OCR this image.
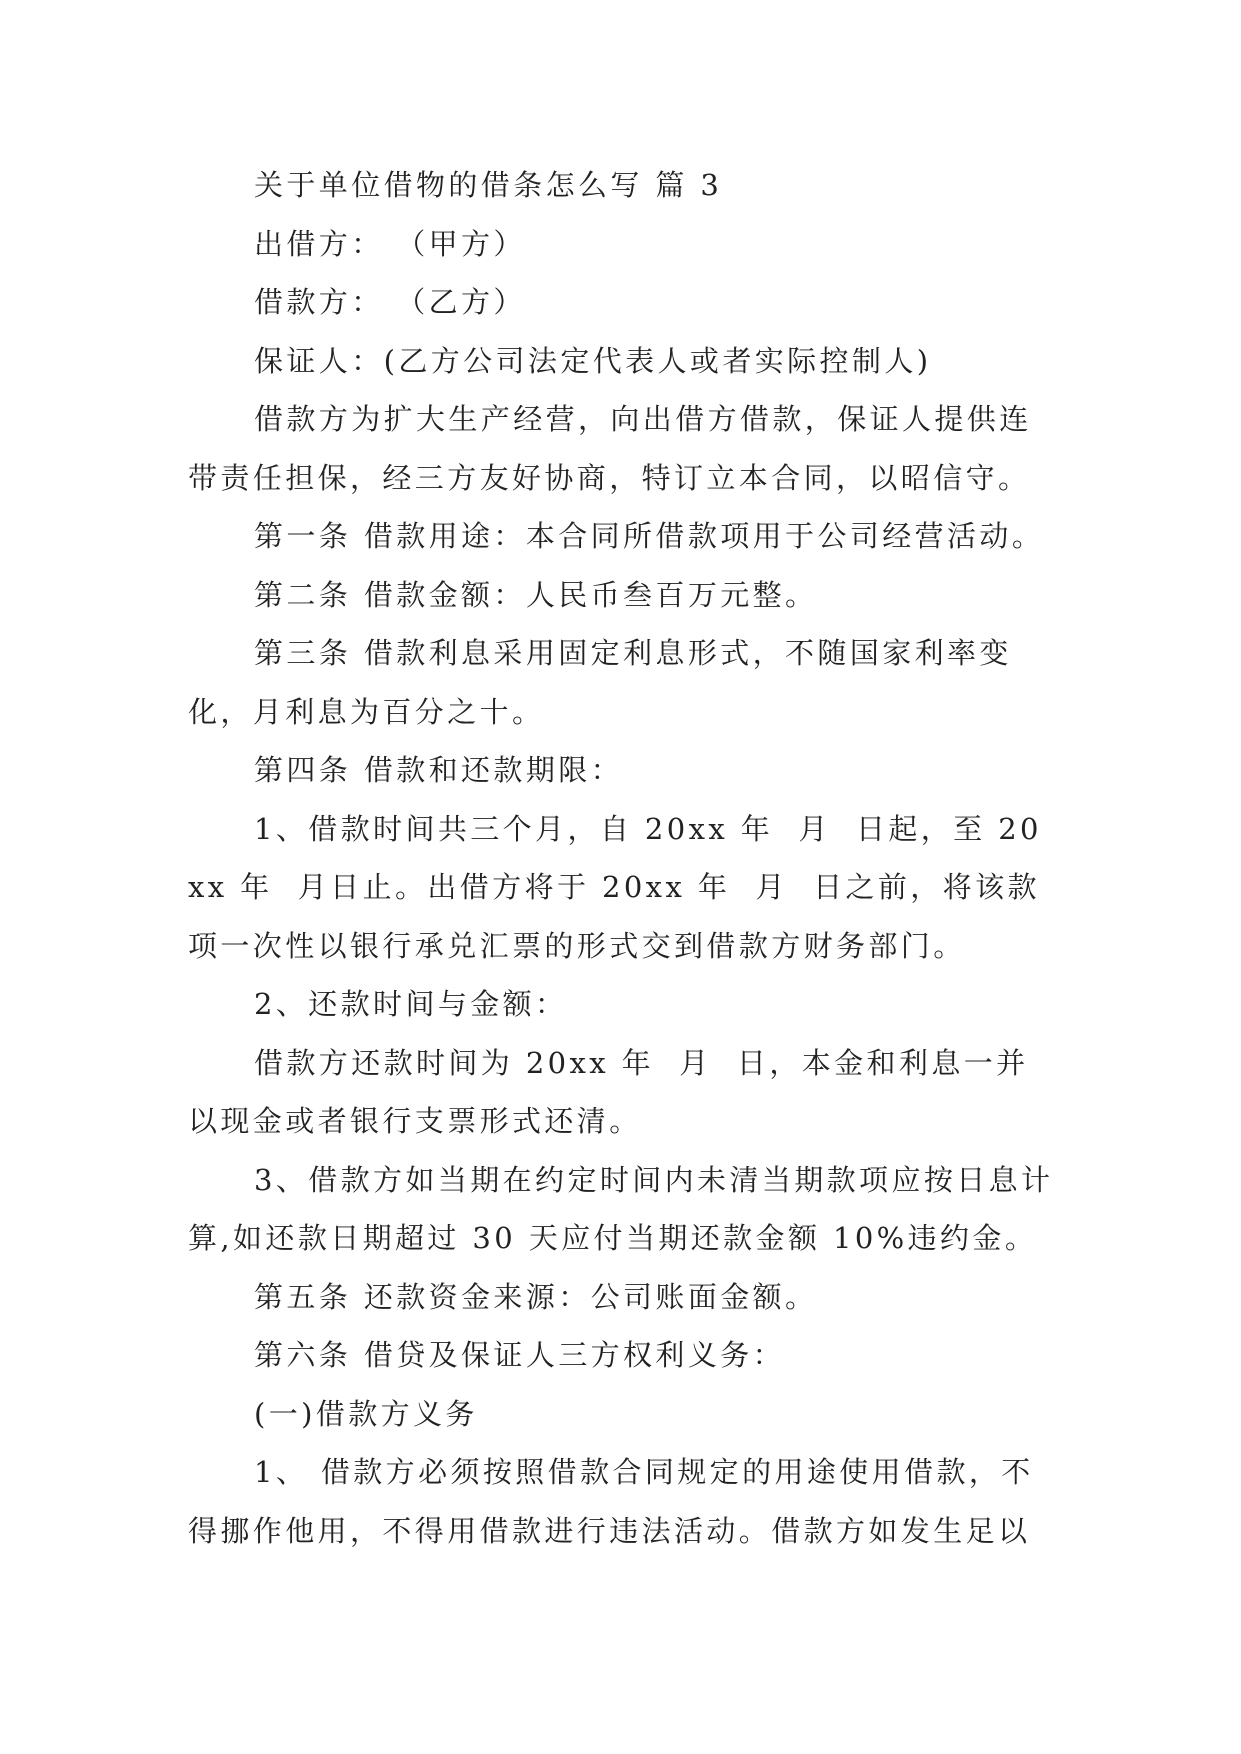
关于单位借物的借条怎么写 篇 3

出借方： （甲方）

借款方： （乙方）

保证人：(乙方公司法定代表人或者实际控制人)

借款方为扩大生产经营，向出借方借款，保证人提供连带责任担保，经三方友好协商，特订立本合同，以昭信守。

第一条 借款用途：本合同所借款项用于公司经营活动。

第二条 借款金额：人民币叁百万元整。

第三条 借款利息采用固定利息形式，不随国家利率变化，月利息为百分之十。

第四条 借款和还款期限：

1、借款时间共三个月，自 20xx 年  月  日起，至 20xx 年  月日止。出借方将于 20xx 年  月  日之前，将该款项一次性以银行承兑汇票的形式交到借款方财务部门。

2、还款时间与金额：

借款方还款时间为 20xx 年  月  日，本金和利息一并以现金或者银行支票形式还清。

3、借款方如当期在约定时间内未清当期款项应按日息计算,如还款日期超过 30 天应付当期还款金额 10%违约金。

第五条 还款资金来源：公司账面金额。

第六条 借贷及保证人三方权利义务：

(一)借款方义务

1、 借款方必须按照借款合同规定的用途使用借款，不得挪作他用，不得用借款进行违法活动。借款方如发生足以
